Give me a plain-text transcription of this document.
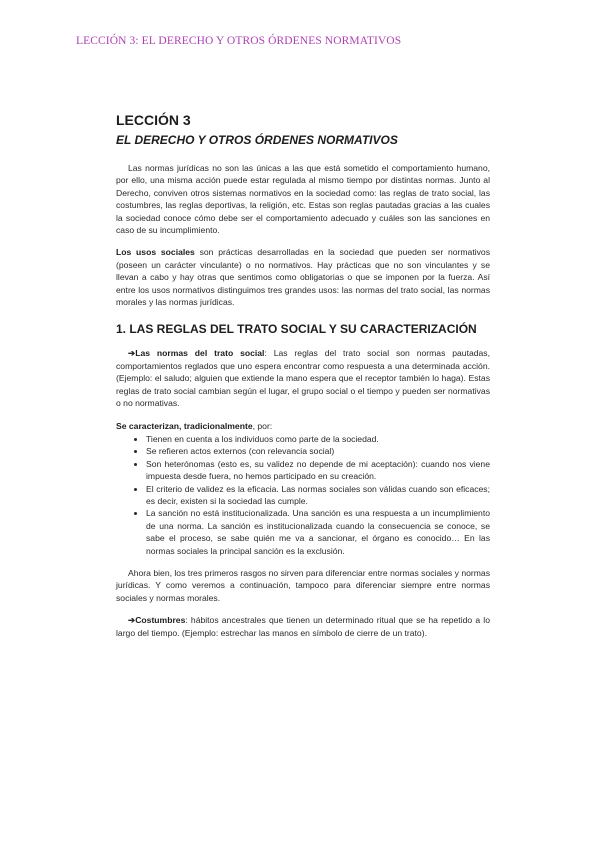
LECCIÓN 3: EL DERECHO Y OTROS ÓRDENES NORMATIVOS
LECCIÓN 3
EL DERECHO Y OTROS ÓRDENES NORMATIVOS

Las normas jurídicas no son las únicas a las que está sometido el comportamiento humano, por ello, una misma acción puede estar regulada al mismo tiempo por distintas normas. Junto al Derecho, conviven otros sistemas normativos en la sociedad como: las reglas de trato social, las costumbres, las reglas deportivas, la religión, etc. Estas son reglas pautadas gracias a las cuales la sociedad conoce cómo debe ser el comportamiento adecuado y cuáles son las sanciones en caso de su incumplimiento.

Los usos sociales son prácticas desarrolladas en la sociedad que pueden ser normativos (poseen un carácter vinculante) o no normativos. Hay prácticas que no son vinculantes y se llevan a cabo y hay otras que sentimos como obligatorias o que se imponen por la fuerza. Así entre los usos normativos distinguimos tres grandes usos: las normas del trato social, las normas morales y las normas jurídicas.

1. LAS REGLAS DEL TRATO SOCIAL Y SU CARACTERIZACIÓN

➔Las normas del trato social: Las reglas del trato social son normas pautadas, comportamientos reglados que uno espera encontrar como respuesta a una determinada acción. (Ejemplo: el saludo; alguien que extiende la mano espera que el receptor también lo haga). Estas reglas de trato social cambian según el lugar, el grupo social o el tiempo y pueden ser normativas o no normativas.

Se caracterizan, tradicionalmente, por:

• Tienen en cuenta a los individuos como parte de la sociedad.
• Se refieren actos externos (con relevancia social)
• Son heterónomas (esto es, su validez no depende de mi aceptación): cuando nos viene impuesta desde fuera, no hemos participado en su creación.
• El criterio de validez es la eficacia. Las normas sociales son válidas cuando son eficaces; es decir, existen si la sociedad las cumple.
• La sanción no está institucionalizada. Una sanción es una respuesta a un incumplimiento de una norma. La sanción es institucionalizada cuando la consecuencia se conoce, se sabe el proceso, se sabe quién me va a sancionar, el órgano es conocido… En las normas sociales la principal sanción es la exclusión.

Ahora bien, los tres primeros rasgos no sirven para diferenciar entre normas sociales y normas jurídicas. Y como veremos a continuación, tampoco para diferenciar siempre entre normas sociales y normas morales.

➔Costumbres: hábitos ancestrales que tienen un determinado ritual que se ha repetido a lo largo del tiempo. (Ejemplo: estrechar las manos en símbolo de cierre de un trato).
